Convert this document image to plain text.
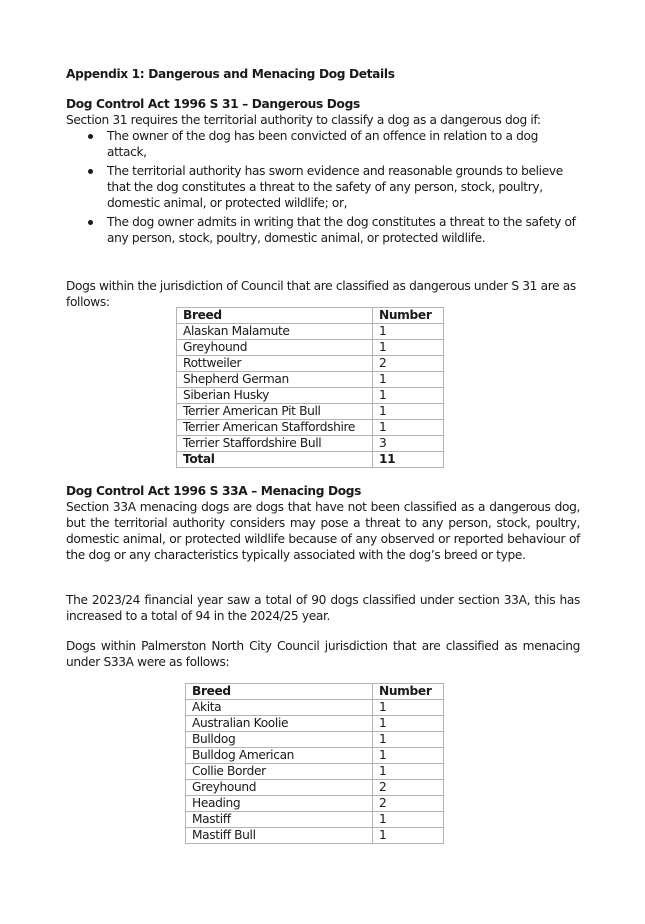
Appendix 1: Dangerous and Menacing Dog Details
Dog Control Act 1996 S 31 – Dangerous Dogs
Section 31 requires the territorial authority to classify a dog as a dangerous dog if:
The owner of the dog has been convicted of an offence in relation to a dog attack,
The territorial authority has sworn evidence and reasonable grounds to believe that the dog constitutes a threat to the safety of any person, stock, poultry, domestic animal, or protected wildlife; or,
The dog owner admits in writing that the dog constitutes a threat to the safety of any person, stock, poultry, domestic animal, or protected wildlife.
Dogs within the jurisdiction of Council that are classified as dangerous under S 31 are as follows:
Breed	Number
Alaskan Malamute	1
Greyhound	1
Rottweiler	2
Shepherd German	1
Siberian Husky	1
Terrier American Pit Bull	1
Terrier American Staffordshire	1
Terrier Staffordshire Bull	3
Total	11
Dog Control Act 1996 S 33A – Menacing Dogs
Section 33A menacing dogs are dogs that have not been classified as a dangerous dog, but the territorial authority considers may pose a threat to any person, stock, poultry, domestic animal, or protected wildlife because of any observed or reported behaviour of the dog or any characteristics typically associated with the dog’s breed or type.
The 2023/24 financial year saw a total of 90 dogs classified under section 33A, this has increased to a total of 94 in the 2024/25 year.
Dogs within Palmerston North City Council jurisdiction that are classified as menacing under S33A were as follows:
Breed	Number
Akita	1
Australian Koolie	1
Bulldog	1
Bulldog American	1
Collie Border	1
Greyhound	2
Heading	2
Mastiff	1
Mastiff Bull	1
